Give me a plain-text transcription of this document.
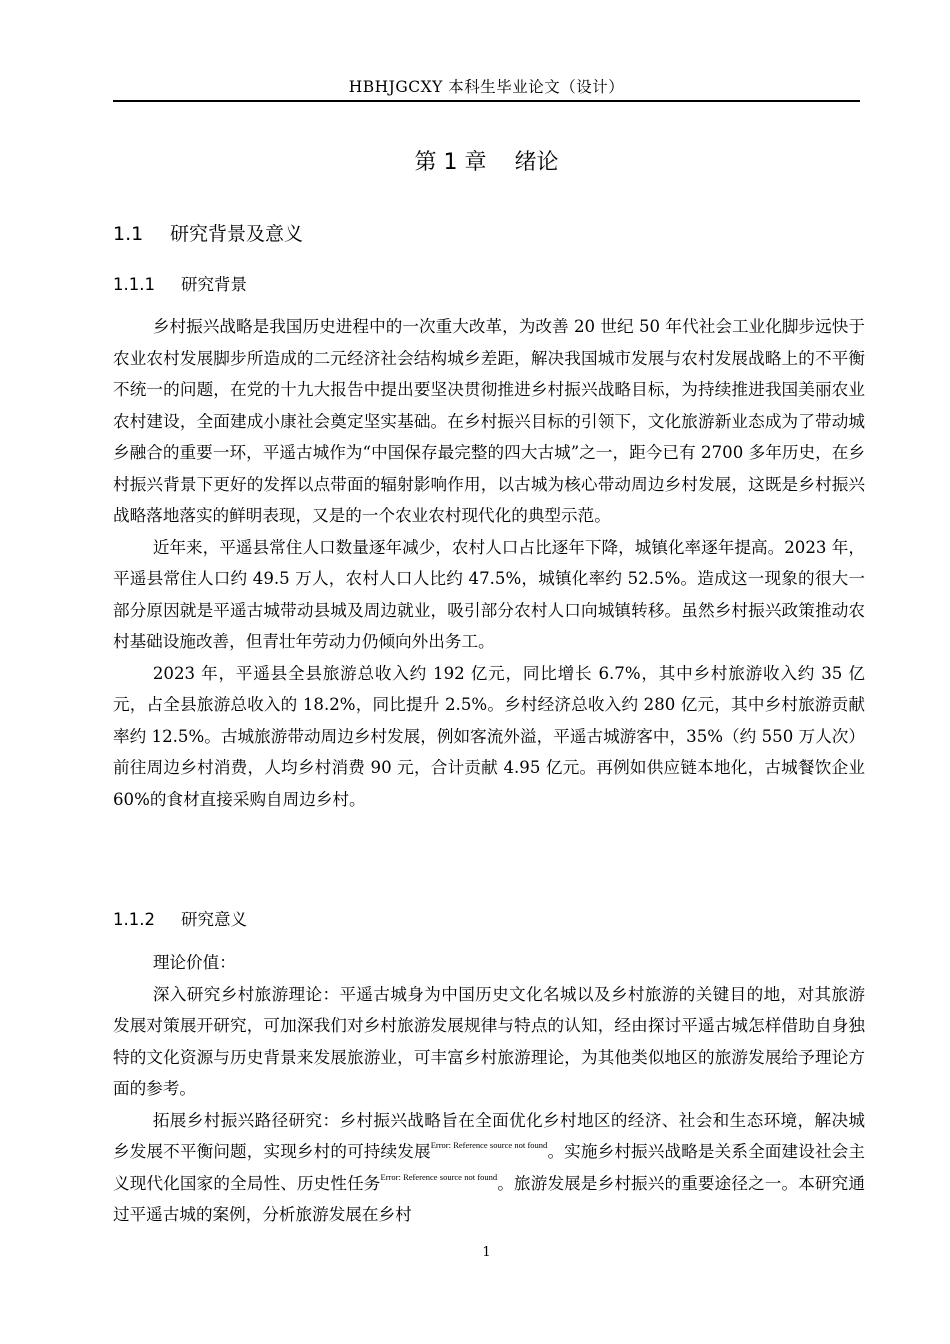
HBHJGCXY 本科生毕业论文（设计）
第 1 章 绪论
1.1 研究背景及意义
1.1.1 研究背景

乡村振兴战略是我国历史进程中的一次重大改革，为改善 20 世纪 50 年代社会工业化脚步远快于农业农村发展脚步所造成的二元经济社会结构城乡差距，解决我国城市发展与农村发展战略上的不平衡不统一的问题，在党的十九大报告中提出要坚决贯彻推进乡村振兴战略目标，为持续推进我国美丽农业农村建设，全面建成小康社会奠定坚实基础。在乡村振兴目标的引领下，文化旅游新业态成为了带动城乡融合的重要一环，平遥古城作为“中国保存最完整的四大古城”之一，距今已有 2700 多年历史，在乡村振兴背景下更好的发挥以点带面的辐射影响作用，以古城为核心带动周边乡村发展，这既是乡村振兴战略落地落实的鲜明表现，又是的一个农业农村现代化的典型示范。

近年来，平遥县常住人口数量逐年减少，农村人口占比逐年下降，城镇化率逐年提高。2023 年，平遥县常住人口约 49.5 万人，农村人口人比约 47.5%，城镇化率约 52.5%。造成这一现象的很大一部分原因就是平遥古城带动县城及周边就业，吸引部分农村人口向城镇转移。虽然乡村振兴政策推动农村基础设施改善，但青壮年劳动力仍倾向外出务工。

2023 年，平遥县全县旅游总收入约 192 亿元，同比增长 6.7%，其中乡村旅游收入约 35 亿元，占全县旅游总收入的 18.2%，同比提升 2.5%。乡村经济总收入约 280 亿元，其中乡村旅游贡献率约 12.5%。古城旅游带动周边乡村发展，例如客流外溢，平遥古城游客中，35%（约 550 万人次）前往周边乡村消费，人均乡村消费 90 元，合计贡献 4.95 亿元。再例如供应链本地化，古城餐饮企业 60%的食材直接采购自周边乡村。

1.1.2 研究意义

理论价值：

深入研究乡村旅游理论：平遥古城身为中国历史文化名城以及乡村旅游的关键目的地，对其旅游发展对策展开研究，可加深我们对乡村旅游发展规律与特点的认知，经由探讨平遥古城怎样借助自身独特的文化资源与历史背景来发展旅游业，可丰富乡村旅游理论，为其他类似地区的旅游发展给予理论方面的参考。

拓展乡村振兴路径研究：乡村振兴战略旨在全面优化乡村地区的经济、社会和生态环境，解决城乡发展不平衡问题，实现乡村的可持续发展$^{Error: Reference source not found}$。实施乡村振兴战略是关系全面建设社会主义现代化国家的全局性、历史性任务$^{Error: Reference source not found}$。旅游发展是乡村振兴的重要途径之一。本研究通过平遥古城的案例，分析旅游发展在乡村

1
